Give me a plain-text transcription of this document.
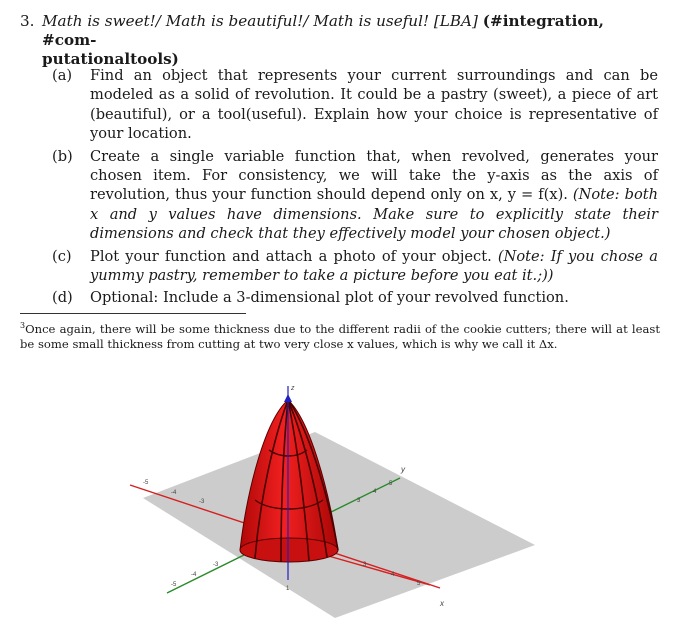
3. Math is sweet!/ Math is beautiful!/ Math is useful! [LBA] (#integration, #com-
putationaltools)
(a) Find an object that represents your current surroundings and can be modeled as a solid of revolution. It could be a pastry (sweet), a piece of art (beautiful), or a tool(useful). Explain how your choice is representative of your location.
(b) Create a single variable function that, when revolved, generates your chosen item. For consistency, we will take the y-axis as the axis of revolution, thus your function should depend only on x, y = f(x). (Note: both x and y values have dimensions. Make sure to explicitly state their dimensions and check that they effectively model your chosen object.)
(c) Plot your function and attach a photo of your object. (Note: If you chose a yummy pastry, remember to take a picture before you eat it.;))
(d) Optional: Include a 3-dimensional plot of your revolved function.
$^3$Once again, there will be some thickness due to the different radii of the cookie cutters; there will at least be some small thickness from cutting at two very close x values, which is why we call it Δx.
x
y
z
1
-5
-4
-3
3
4
5
-5
-4
-3
3
4
5
